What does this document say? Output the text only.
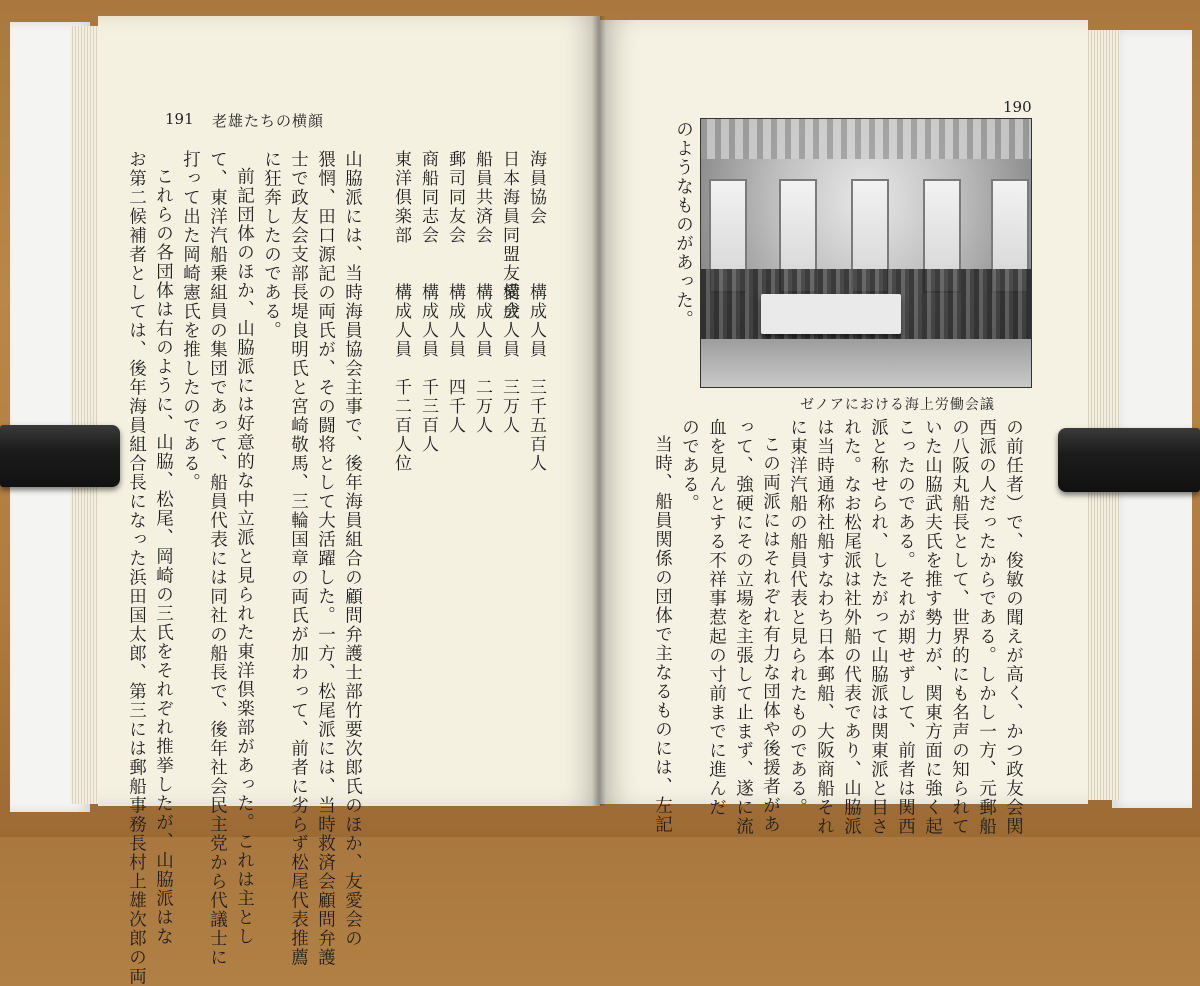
191 老雄たちの横顔
海員協会
構成人員　三千五百人
日本海員同盟友愛会
構成人員　三万人
船員共済会
構成人員　二万人
郵司同友会
構成人員　四千人
商船同志会
構成人員　千三百人
東洋倶楽部
構成人員　千二百人位
山脇派には、当時海員協会主事で、後年海員組合の顧問弁護士部竹要次郎氏のほか、友愛会の
猥惘、田口源記の両氏が、その闘将として大活躍した。一方、松尾派には、当時救済会顧問弁護
士で政友会支部長堤良明氏と宮崎敬馬、三輪国章の両氏が加わって、前者に劣らず松尾代表推薦
に狂奔したのである。
前記団体のほか、山脇派には好意的な中立派と見られた東洋倶楽部があった。これは主とし
て、東洋汽船乗組員の集団であって、船員代表には同社の船長で、後年社会民主党から代議士に
打って出た岡崎憲氏を推したのである。
これらの各団体は右のように、山脇、松尾、岡崎の三氏をそれぞれ推挙したが、山脇派はな
お第二候補者としては、後年海員組合長になった浜田国太郎、第三には郵船事務長村上雄次郎の両
190
のようなものがあった。
ゼノアにおける海上労働会議
の前任者）で、俊敏の聞えが高く、かつ政友会関
西派の人だったからである。しかし一方、元郵船
の八阪丸船長として、世界的にも名声の知られて
いた山脇武夫氏を推す勢力が、関東方面に強く起
こったのである。それが期せずして、前者は関西
派と称せられ、したがって山脇派は関東派と目さ
れた。なお松尾派は社外船の代表であり、山脇派
は当時通称社船すなわち日本郵船、大阪商船それ
に東洋汽船の船員代表と見られたものである。
この両派にはそれぞれ有力な団体や後援者があ
って、強硬にその立場を主張して止まず、遂に流
血を見んとする不祥事惹起の寸前までに進んだ
のである。
当時、船員関係の団体で主なるものには、左記
